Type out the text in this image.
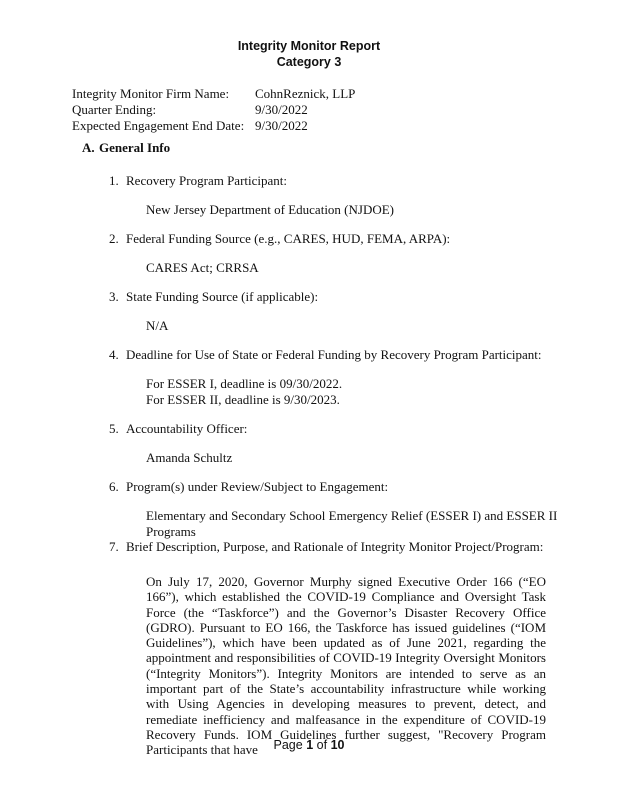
Integrity Monitor Report
Category 3
Integrity Monitor Firm Name: CohnReznick, LLP
Quarter Ending:	9/30/2022
Expected Engagement End Date: 9/30/2022
A. General Info
1. Recovery Program Participant:
New Jersey Department of Education (NJDOE)
2. Federal Funding Source (e.g., CARES, HUD, FEMA, ARPA):
CARES Act; CRRSA
3. State Funding Source (if applicable):
N/A
4. Deadline for Use of State or Federal Funding by Recovery Program Participant:
For ESSER I, deadline is 09/30/2022.
For ESSER II, deadline is 9/30/2023.
5. Accountability Officer:
Amanda Schultz
6. Program(s) under Review/Subject to Engagement:
Elementary and Secondary School Emergency Relief (ESSER I) and ESSER II Programs
7. Brief Description, Purpose, and Rationale of Integrity Monitor Project/Program:
On July 17, 2020, Governor Murphy signed Executive Order 166 (“EO 166”), which established the COVID-19 Compliance and Oversight Task Force (the “Taskforce”) and the Governor’s Disaster Recovery Office (GDRO). Pursuant to EO 166, the Taskforce has issued guidelines (“IOM Guidelines”), which have been updated as of June 2021, regarding the appointment and responsibilities of COVID-19 Integrity Oversight Monitors (“Integrity Monitors”). Integrity Monitors are intended to serve as an important part of the State’s accountability infrastructure while working with Using Agencies in developing measures to prevent, detect, and remediate inefficiency and malfeasance in the expenditure of COVID-19 Recovery Funds. IOM Guidelines further suggest, "Recovery Program Participants that have	Page 1 of 10
